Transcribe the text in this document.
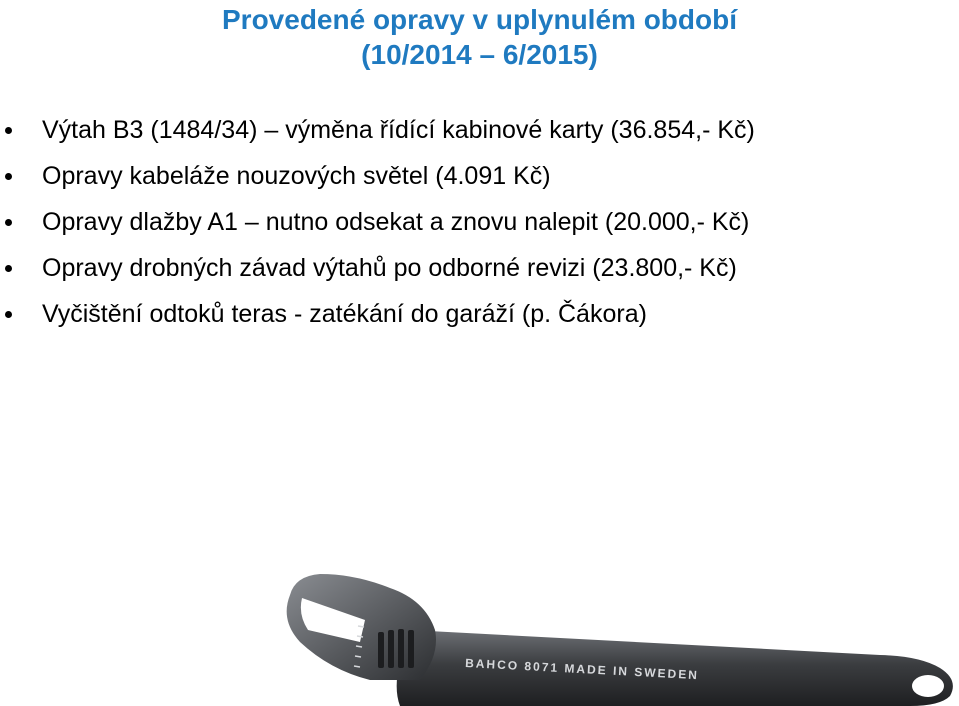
Provedené opravy v uplynulém období
(10/2014 – 6/2015)
Výtah B3 (1484/34) – výměna řídící kabinové karty (36.854,- Kč)
Opravy kabeláže nouzových světel (4.091 Kč)
Opravy dlažby A1 – nutno odsekat a znovu nalepit (20.000,- Kč)
Opravy drobných závad výtahů po odborné revizi (23.800,- Kč)
Vyčištění odtoků teras - zatékání do garáží (p. Čákora)
BAHCO 8071 MADE IN SWEDEN
